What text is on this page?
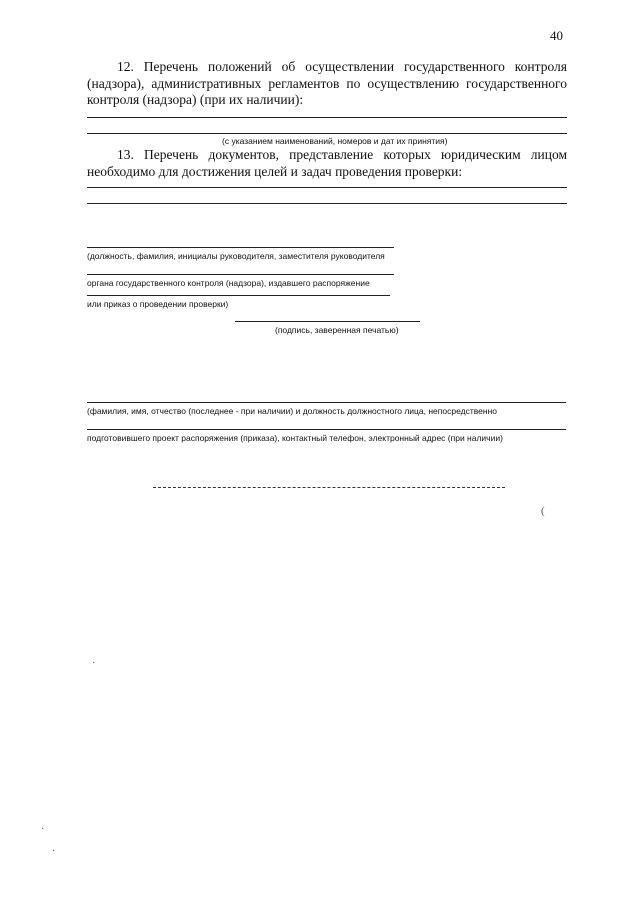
40
12. Перечень положений об осуществлении государственного контроля (надзора), административных регламентов по осуществлению государственного контроля (надзора) (при их наличии):
(с указанием наименований, номеров и дат их принятия)
13. Перечень документов, представление которых юридическим лицом необходимо для достижения целей и задач проведения проверки:
(должность, фамилия, инициалы руководителя, заместителя руководителя
органа государственного контроля (надзора), издавшего распоряжение
или приказ о проведении проверки)
(подпись, заверенная печатью)
(фамилия, имя, отчество (последнее - при наличии) и должность должностного лица, непосредственно
подготовившего проект распоряжения (приказа), контактный телефон, электронный адрес (при наличии)
(
·
·
·
